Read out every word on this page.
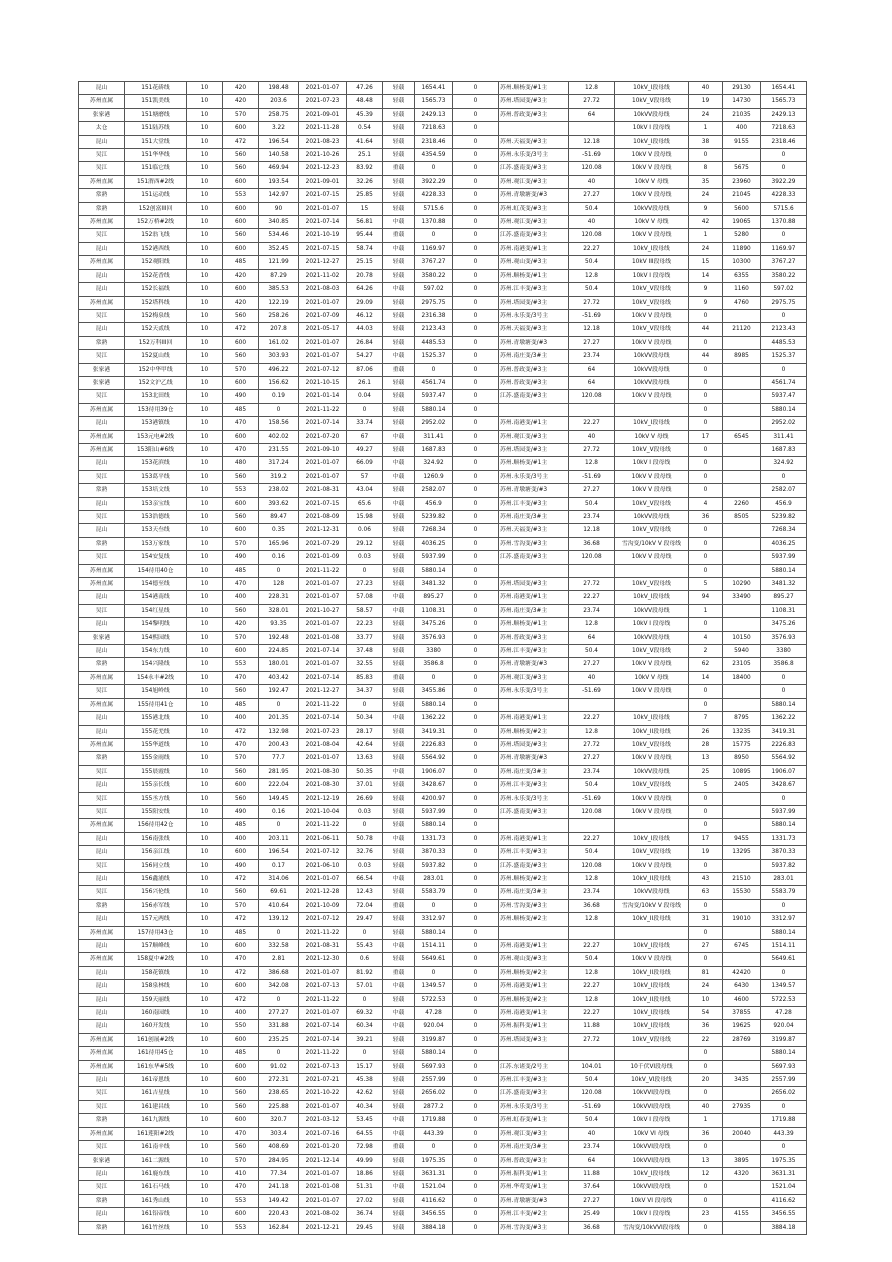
昆山	151花硚线	10	420	198.48	2021-01-07	47.26	轻载	1654.41	0	苏州.顺杨变/#1主	12.8	10kV_I段母线	40	29130	1654.41
苏州直属	151凯美线	10	420	203.6	2021-07-23	48.48	轻载	1565.73	0	苏州.塔园变/#3主	27.72	10kV_V段母线	19	14730	1565.73
张家港	151塘磨线	10	570	258.75	2021-09-01	45.39	轻载	2429.13	0	苏州.普政变/#3主	64	10kVV段母线	24	21035	2429.13
太仓	151陆苏线	10	600	3.22	2021-11-28	0.54	轻载	7218.63	0			10kV I 段母线	1	400	7218.63
昆山	151大堂线	10	472	196.54	2021-08-23	41.64	轻载	2318.46	0	苏州.天福变/#3主	12.18	10kV_I段母线	38	9155	2318.46
吴江	151华华线	10	560	140.58	2021-10-26	25.1	轻载	4354.59	0	苏州.永乐变/3号主	-51.69	10kV V 段母线	0		0
吴江	151临它线	10	560	469.94	2021-12-23	83.92	重载	0	0	江苏.盛南变/#3主	120.08	10kV V 段母线	8	5675	0
苏州直属	151渭西#2线	10	600	193.54	2021-09-01	32.26	轻载	3922.29	0	苏州.观江变/#3主	40	10kV V 母线	35	23960	3922.29
常熟	151运动线	10	553	142.97	2021-07-15	25.85	轻载	4228.33	0	苏州.青墩塘变/#3	27.27	10kV V 段母线	24	21045	4228.33
常熟	152创富III回	10	600	90	2021-01-07	15	轻载	5715.6	0	苏州.虹茂变/#3主	50.4	10kVV段母线	9	5600	5715.6
苏州直属	152万桥#2线	10	600	340.85	2021-07-14	56.81	中载	1370.88	0	苏州.观江变/#3主	40	10kV V 母线	42	19065	1370.88
吴江	152翁飞线	10	560	534.46	2021-10-19	95.44	重载	0	0	江苏.盛南变/#3主	120.08	10kV V 段母线	1	5280	0
昆山	152港西线	10	600	352.45	2021-07-15	58.74	中载	1169.97	0	苏州.南港变/#1主	22.27	10kV_I段母线	24	11890	1169.97
苏州直属	152观阳线	10	485	121.99	2021-12-27	25.15	轻载	3767.27	0	苏州.观山变/#3主	50.4	10kV III段母线	15	10300	3767.27
昆山	152花香线	10	420	87.29	2021-11-02	20.78	轻载	3580.22	0	苏州.顺杨变/#1主	12.8	10kV I 段母线	14	6355	3580.22
昆山	152长福线	10	600	385.53	2021-08-03	64.26	中载	597.02	0	苏州.江丰变/#3主	50.4	10kV_V段母线	9	1160	597.02
苏州直属	152塔科线	10	420	122.19	2021-01-07	29.09	轻载	2975.75	0	苏州.塔园变/#3主	27.72	10kV_V段母线	9	4760	2975.75
吴江	152梅泉线	10	560	258.26	2021-07-09	46.12	轻载	2316.38	0	苏州.永乐变/3号主	-51.69	10kV V 段母线	0		0
昆山	152天贰线	10	472	207.8	2021-05-17	44.03	轻载	2123.43	0	苏州.天福变/#3主	12.18	10kV_V段母线	44	21120	2123.43
常熟	152万科III回	10	600	161.02	2021-01-07	26.84	轻载	4485.53	0	苏州.青墩塘变/#3	27.27	10kV V 段母线	0		4485.53
吴江	152夏山线	10	560	303.93	2021-01-07	54.27	中载	1525.37	0	苏州.南庄变/3#主	23.74	10kVV段母线	44	8985	1525.37
张家港	152中华甲线	10	570	496.22	2021-07-12	87.06	重载	0	0	苏州.普政变/#3主	64	10kVV段母线	0		0
张家港	152文沪乙线	10	600	156.62	2021-10-15	26.1	轻载	4561.74	0	苏州.普政变/#3主	64	10kVV段母线	0		4561.74
吴江	153北田线	10	490	0.19	2021-01-14	0.04	轻载	5937.47	0	江苏.盛南变/#3主	120.08	10kV V 段母线	0		5937.47
苏州直属	153待用39仓	10	485	0	2021-11-22	0	轻载	5880.14	0				0		5880.14
昆山	153港镇线	10	470	158.56	2021-07-14	33.74	轻载	2952.02	0	苏州.南港变/#1主	22.27	10kV_I段母线	0		2952.02
苏州直属	153元电#2线	10	600	402.02	2021-07-20	67	中载	311.41	0	苏州.观江变/#3主	40	10kV V 母线	17	6545	311.41
苏州直属	153阳山#6线	10	470	231.55	2021-09-10	49.27	轻载	1687.83	0	苏州.塔园变/#3主	27.72	10kV_V段母线	0		1687.83
昆山	153花滨线	10	480	317.24	2021-01-07	66.09	中载	324.92	0	苏州.顺杨变/#1主	12.8	10kV I 段母线	0		324.92
吴江	153葛平线	10	560	319.2	2021-01-07	57	中载	1260.9	0	苏州.永乐变/3号主	-51.69	10kV V 段母线	0		0
常熟	153培文线	10	553	238.02	2021-08-31	43.04	轻载	2582.07	0	苏州.青墩塘变/#3	27.27	10kV V 段母线	0		2582.07
昆山	153亲宝线	10	600	393.62	2021-07-15	65.6	中载	456.9	0	苏州.江丰变/#3主	50.4	10kV_V段母线	4	2260	456.9
吴江	153浩德线	10	560	89.47	2021-08-09	15.98	轻载	5239.82	0	苏州.南庄变/3#主	23.74	10kVV段母线	36	8505	5239.82
昆山	153天叁线	10	600	0.35	2021-12-31	0.06	轻载	7268.34	0	苏州.天福变/#3主	12.18	10kV_V段母线	0		7268.34
常熟	153万家线	10	570	165.96	2021-07-29	29.12	轻载	4036.25	0	苏州.雪沟变/#3主	36.68	雪沟变/10kV V 段母线	0		4036.25
吴江	154安复线	10	490	0.16	2021-01-09	0.03	轻载	5937.99	0	江苏.盛南变/#3主	120.08	10kV V 段母线	0		5937.99
苏州直属	154待用40仓	10	485	0	2021-11-22	0	轻载	5880.14	0				0		5880.14
苏州直属	154德至线	10	470	128	2021-01-07	27.23	轻载	3481.32	0	苏州.塔园变/#3主	27.72	10kV_V段母线	5	10290	3481.32
昆山	154港南线	10	400	228.31	2021-01-07	57.08	中载	895.27	0	苏州.南港变/#1主	22.27	10kV_I段母线	94	33490	895.27
吴江	154红星线	10	560	328.01	2021-10-27	58.57	中载	1108.31	0	苏州.南庄变/3#主	23.74	10kVV段母线	1		1108.31
昆山	154黎明线	10	420	93.35	2021-01-07	22.23	轻载	3475.26	0	苏州.顺杨变/#1主	12.8	10kV I 段母线	0		3475.26
张家港	154熙园线	10	570	192.48	2021-01-08	33.77	轻载	3576.93	0	苏州.普政变/#3主	64	10kVV段母线	4	10150	3576.93
昆山	154东力线	10	600	224.85	2021-07-14	37.48	轻载	3380	0	苏州.江丰变/#3主	50.4	10kV_V段母线	2	5940	3380
常熟	154兴隆线	10	553	180.01	2021-01-07	32.55	轻载	3586.8	0	苏州.青墩塘变/#3	27.27	10kV V 段母线	62	23105	3586.8
苏州直属	154永丰#2线	10	470	403.42	2021-07-14	85.83	重载	0	0	苏州.观江变/#3主	40	10kV V 母线	14	18400	0
吴江	154旭岭线	10	560	192.47	2021-12-27	34.37	轻载	3455.86	0	苏州.永乐变/3号主	-51.69	10kV V 段母线	0		0
苏州直属	155待用41仓	10	485	0	2021-11-22	0	轻载	5880.14	0				0		5880.14
昆山	155港北线	10	400	201.35	2021-07-14	50.34	中载	1362.22	0	苏州.南港变/#1主	22.27	10kV_I段母线	7	8795	1362.22
昆山	155花羌线	10	472	132.98	2021-07-23	28.17	轻载	3419.31	0	苏州.顺杨变/#2主	12.8	10kV_II段母线	26	13235	3419.31
苏州直属	155华道线	10	470	200.43	2021-08-04	42.64	轻载	2226.83	0	苏州.塔园变/#3主	27.72	10kV_V段母线	28	15775	2226.83
常熟	155金雨线	10	570	77.7	2021-01-07	13.63	轻载	5564.92	0	苏州.青墩塘变/#3	27.27	10kV V 段母线	13	8950	5564.92
吴江	155晨霞线	10	560	281.95	2021-08-30	50.35	中载	1906.07	0	苏州.南庄变/3#主	23.74	10kVV段母线	25	10895	1906.07
昆山	155亲长线	10	600	222.04	2021-08-30	37.01	轻载	3428.67	0	苏州.江丰变/#3主	50.4	10kV_V段母线	5	2405	3428.67
吴江	155丞方线	10	560	149.45	2021-12-19	26.69	轻载	4200.97	0	苏州.永乐变/3号主	-51.69	10kV V 段母线	0		0
吴江	155阳安线	10	490	0.16	2021-10-04	0.03	轻载	5937.99	0	江苏.盛南变/#3主	120.08	10kV V 段母线	0		5937.99
苏州直属	156待用42仓	10	485	0	2021-11-22	0	轻载	5880.14	0				0		5880.14
昆山	156南张线	10	400	203.11	2021-06-11	50.78	中载	1331.73	0	苏州.南港变/#1主	22.27	10kV_I段母线	17	9455	1331.73
昆山	156亲江线	10	600	196.54	2021-07-12	32.76	轻载	3870.33	0	苏州.江丰变/#3主	50.4	10kV_V段母线	19	13295	3870.33
吴江	156同立线	10	490	0.17	2021-06-10	0.03	轻载	5937.82	0	江苏.盛南变/#3主	120.08	10kV V 段母线	0		5937.82
昆山	156鑫浦线	10	472	314.06	2021-01-07	66.54	中载	283.01	0	苏州.顺杨变/#2主	12.8	10kV_II段母线	43	21510	283.01
吴江	156兴伦线	10	560	69.61	2021-12-28	12.43	轻载	5583.79	0	苏州.南庄变/3#主	23.74	10kVV段母线	63	15530	5583.79
常熟	156赤军线	10	570	410.64	2021-10-09	72.04	重载	0	0	苏州.雪沟变/#3主	36.68	雪沟变/10kV V 段母线	0		0
昆山	157元两线	10	472	139.12	2021-07-12	29.47	轻载	3312.97	0	苏州.顺杨变/#2主	12.8	10kV_II段母线	31	19010	3312.97
苏州直属	157待用43仓	10	485	0	2021-11-22	0	轻载	5880.14	0				0		5880.14
昆山	157顺峰线	10	600	332.58	2021-08-31	55.43	中载	1514.11	0	苏州.南港变/#1主	22.27	10kV_I段母线	27	6745	1514.11
苏州直属	158夏中#2线	10	470	2.81	2021-12-30	0.6	轻载	5649.61	0	苏州.观山变/#3主	50.4	10kV V 段母线	0		5649.61
昆山	158花镇线	10	472	386.68	2021-01-07	81.92	重载	0	0	苏州.顺杨变/#2主	12.8	10kV_II段母线	81	42420	0
昆山	158泉林线	10	600	342.08	2021-07-13	57.01	中载	1349.57	0	苏州.南港变/#1主	22.27	10kV_I段母线	24	6430	1349.57
昆山	159天丽线	10	472	0	2021-11-22	0	轻载	5722.53	0	苏州.顺杨变/#2主	12.8	10kV_II段母线	10	4600	5722.53
昆山	160南园线	10	400	277.27	2021-01-07	69.32	中载	47.28	0	苏州.南港变/#1主	22.27	10kV_I段母线	54	37855	47.28
昆山	160开发线	10	550	331.88	2021-07-14	60.34	中载	920.04	0	苏州.振科变/#1主	11.88	10kV_I段母线	36	19625	920.04
苏州直属	161创展#2线	10	600	235.25	2021-07-14	39.21	轻载	3199.87	0	苏州.塔园变/#3主	27.72	10kV_V段母线	22	28769	3199.87
苏州直属	161待用45仓	10	485	0	2021-11-22	0	轻载	5880.14	0				0		5880.14
苏州直属	161东华#5线	10	600	91.02	2021-07-13	15.17	轻载	5697.93	0	江苏.东诸变/2号主	104.01	10千伏VI段母线	0		5697.93
昆山	161帝恩线	10	600	272.31	2021-07-21	45.38	轻载	2557.99	0	苏州.江丰变/#3主	50.4	10kV_VI段母线	20	3435	2557.99
吴江	161吉星线	10	560	238.65	2021-10-22	42.62	轻载	2656.02	0	江苏.盛南变/#3主	120.08	10kVVI段母线	0		2656.02
吴江	161建昌线	10	560	225.88	2021-01-07	40.34	轻载	2877.2	0	苏州.永乐变/3号主	-51.69	10kVVI段母线	40	27935	0
常熟	161九源线	10	600	320.7	2021-03-12	53.45	中载	1719.88	0	苏州.虹春变/#1主	50.4	10kV I 段母线	1		1719.88
苏州直属	161莲阳#2线	10	470	303.4	2021-07-16	64.55	中载	443.39	0	苏州.观江变/#3主	40	10kV VI 母线	36	20040	443.39
吴江	161南辛线	10	560	408.69	2021-01-20	72.98	重载	0	0	苏州.南庄变/3#主	23.74	10kVVI段母线	0		0
张家港	161二源线	10	570	284.95	2021-12-14	49.99	轻载	1975.35	0	苏州.普政变/#3主	64	10kVVI段母线	13	3895	1975.35
昆山	161鹿东线	10	410	77.34	2021-01-07	18.86	轻载	3631.31	0	苏州.振科变/#1主	11.88	10kV_I段母线	12	4320	3631.31
吴江	161石马线	10	470	241.18	2021-01-08	51.31	中载	1521.04	0	苏州.华莺变/#1主	37.64	10kVVI段母线	0		1521.04
常熟	161秀山线	10	553	149.42	2021-01-07	27.02	轻载	4116.62	0	苏州.青墩塘变/#3	27.27	10kV VI 段母线	0		4116.62
昆山	161铝帝线	10	600	220.43	2021-08-02	36.74	轻载	3456.55	0	苏州.江丰变/#2主	25.49	10kV I 段母线	23	4155	3456.55
常熟	161竹丝线	10	553	162.84	2021-12-21	29.45	轻载	3884.18	0	苏州.雪沟变/#3主	36.68	雪沟变/10kVVI段母线	0		3884.18
